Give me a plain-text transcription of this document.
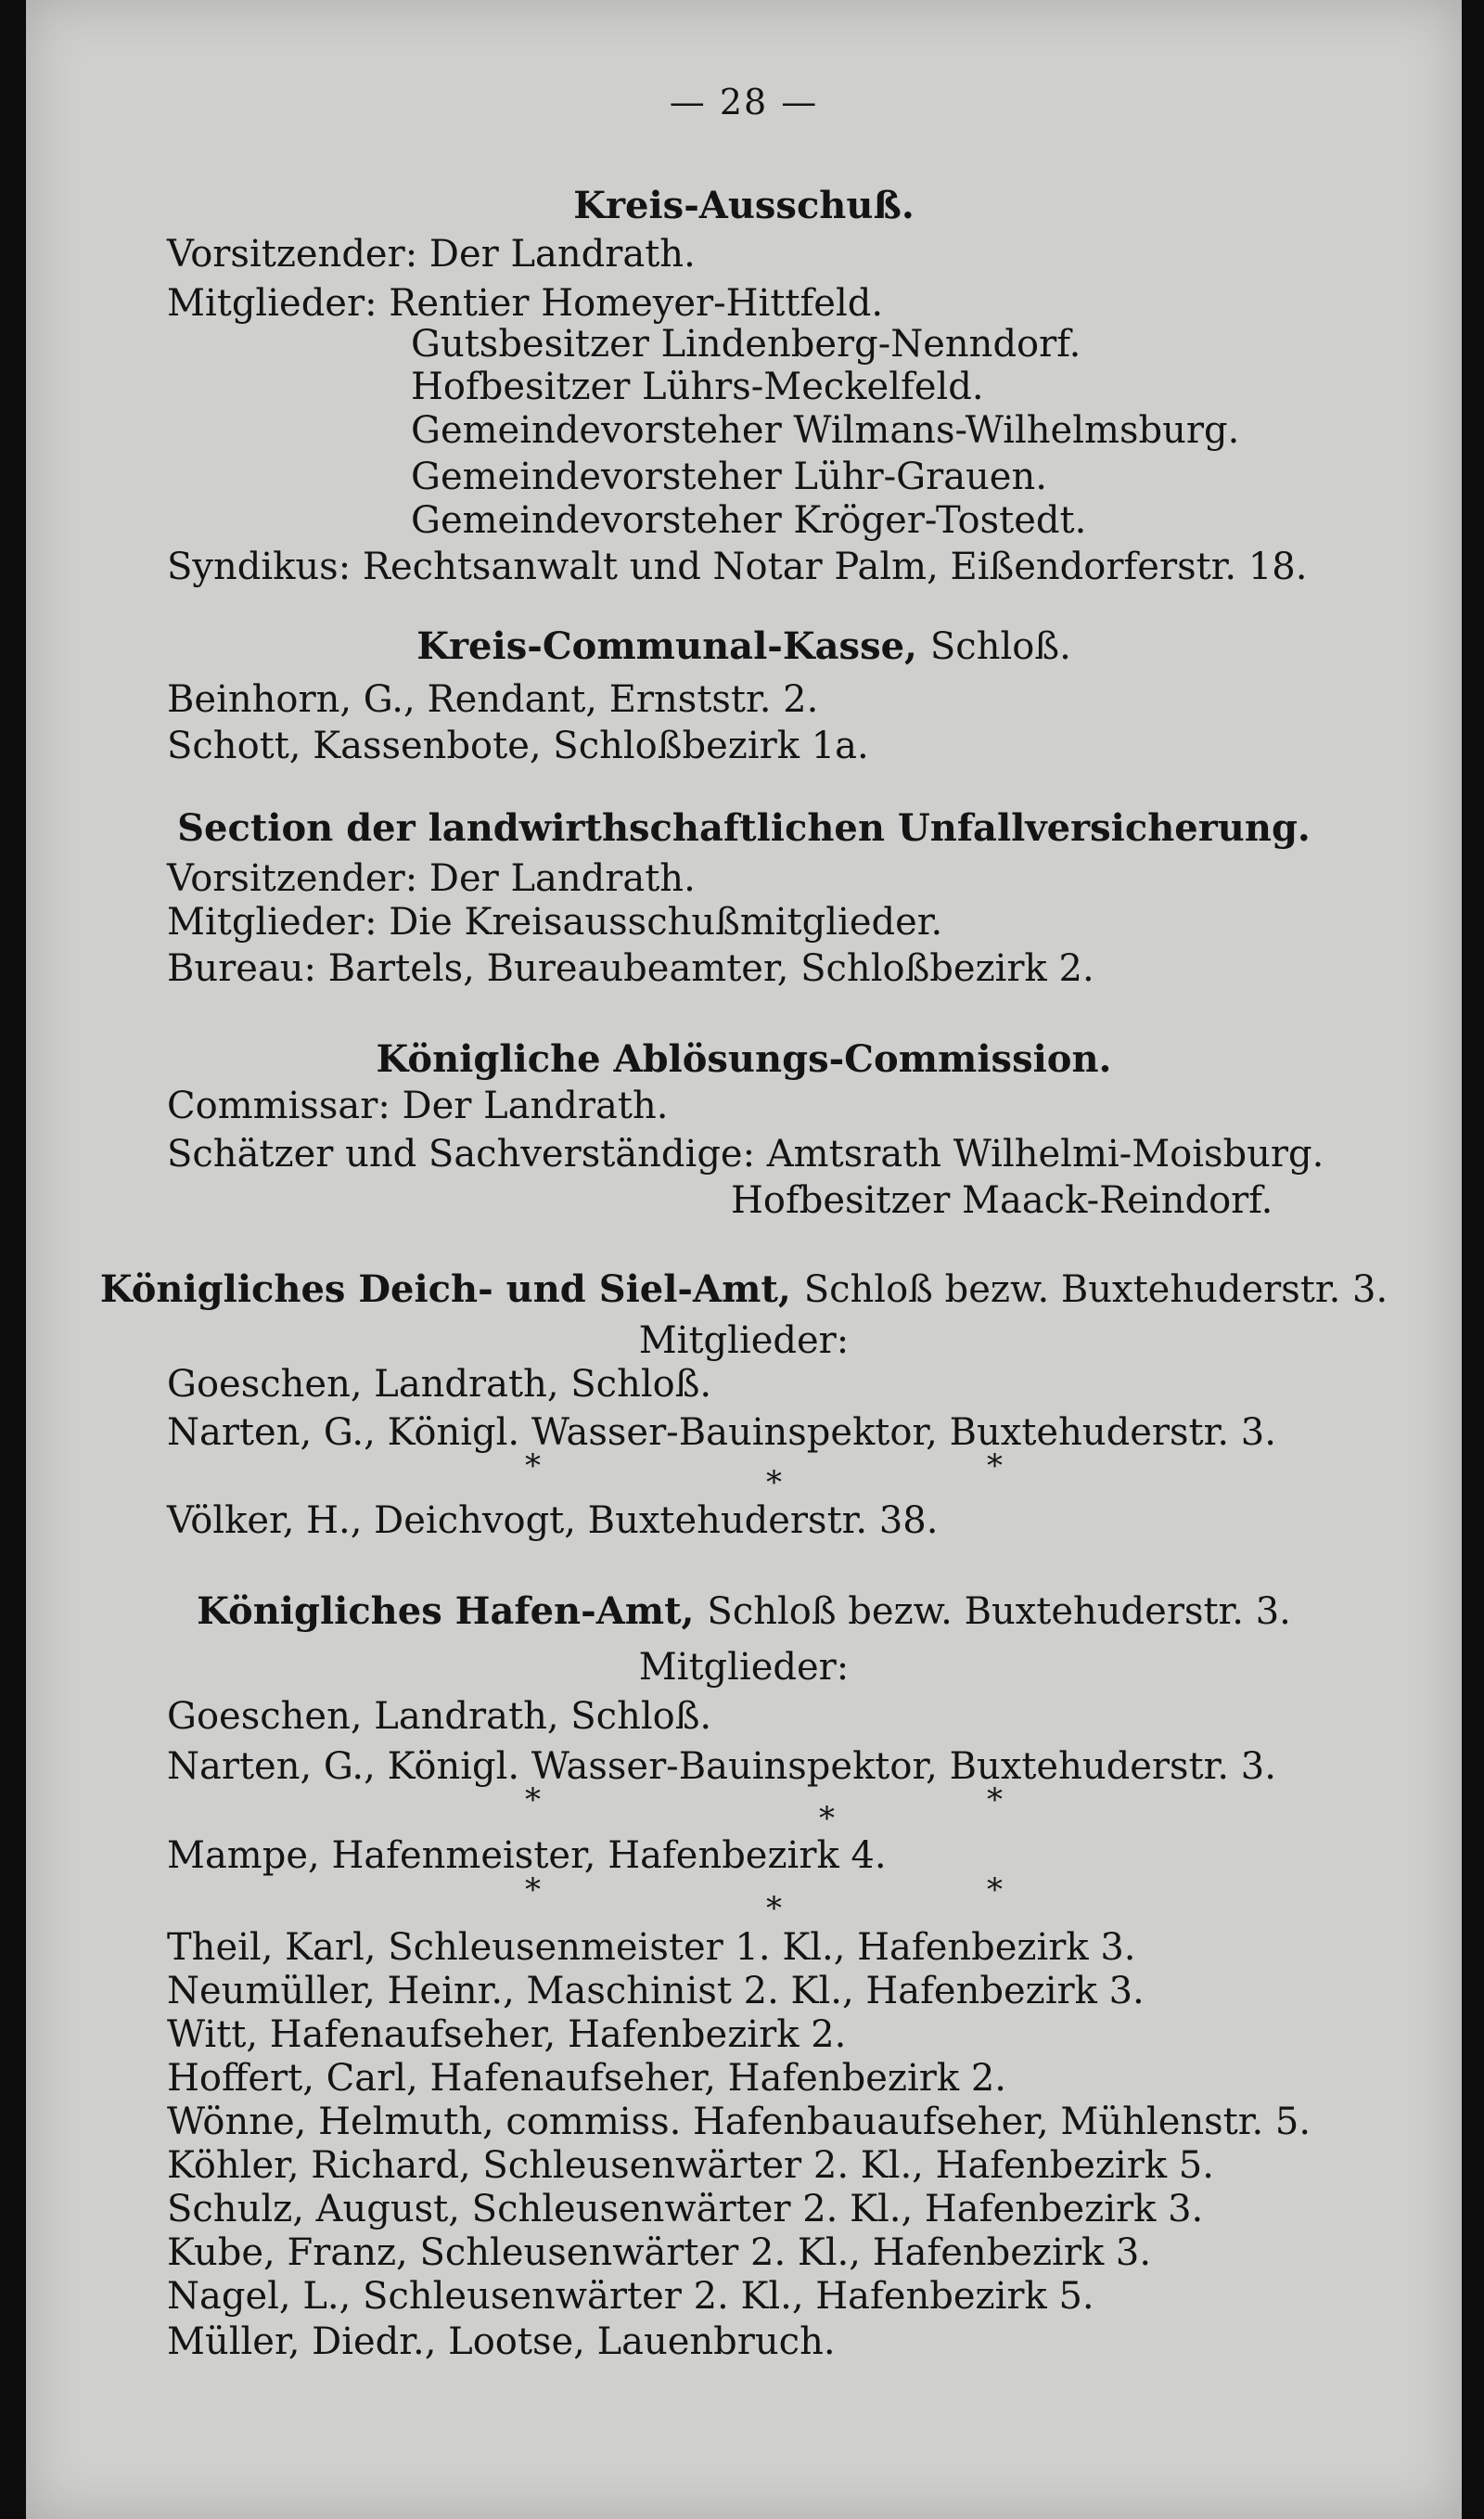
— 28 —
Kreis-Ausschuß.
Vorsitzender: Der Landrath.
Mitglieder: Rentier Homeyer-Hittfeld.
Gutsbesitzer Lindenberg-Nenndorf.
Hofbesitzer Lührs-Meckelfeld.
Gemeindevorsteher Wilmans-Wilhelmsburg.
Gemeindevorsteher Lühr-Grauen.
Gemeindevorsteher Kröger-Tostedt.
Syndikus: Rechtsanwalt und Notar Palm, Eißendorferstr. 18.
Kreis-Communal-Kasse, Schloß.
Beinhorn, G., Rendant, Ernststr. 2.
Schott, Kassenbote, Schloßbezirk 1a.
Section der landwirthschaftlichen Unfallversicherung.
Vorsitzender: Der Landrath.
Mitglieder: Die Kreisausschußmitglieder.
Bureau: Bartels, Bureaubeamter, Schloßbezirk 2.
Königliche Ablösungs-Commission.
Commissar: Der Landrath.
Schätzer und Sachverständige: Amtsrath Wilhelmi-Moisburg.
Hofbesitzer Maack-Reindorf.
Königliches Deich- und Siel-Amt, Schloß bezw. Buxtehuderstr. 3.
Mitglieder:
Goeschen, Landrath, Schloß.
Narten, G., Königl. Wasser-Bauinspektor, Buxtehuderstr. 3.
*	*	*
Völker, H., Deichvogt, Buxtehuderstr. 38.
Königliches Hafen-Amt, Schloß bezw. Buxtehuderstr. 3.
Mitglieder:
Goeschen, Landrath, Schloß.
Narten, G., Königl. Wasser-Bauinspektor, Buxtehuderstr. 3.
*	*	*
Mampe, Hafenmeister, Hafenbezirk 4.
*	*	*
Theil, Karl, Schleusenmeister 1. Kl., Hafenbezirk 3.
Neumüller, Heinr., Maschinist 2. Kl., Hafenbezirk 3.
Witt, Hafenaufseher, Hafenbezirk 2.
Hoffert, Carl, Hafenaufseher, Hafenbezirk 2.
Wönne, Helmuth, commiss. Hafenbauaufseher, Mühlenstr. 5.
Köhler, Richard, Schleusenwärter 2. Kl., Hafenbezirk 5.
Schulz, August, Schleusenwärter 2. Kl., Hafenbezirk 3.
Kube, Franz, Schleusenwärter 2. Kl., Hafenbezirk 3.
Nagel, L., Schleusenwärter 2. Kl., Hafenbezirk 5.
Müller, Diedr., Lootse, Lauenbruch.
